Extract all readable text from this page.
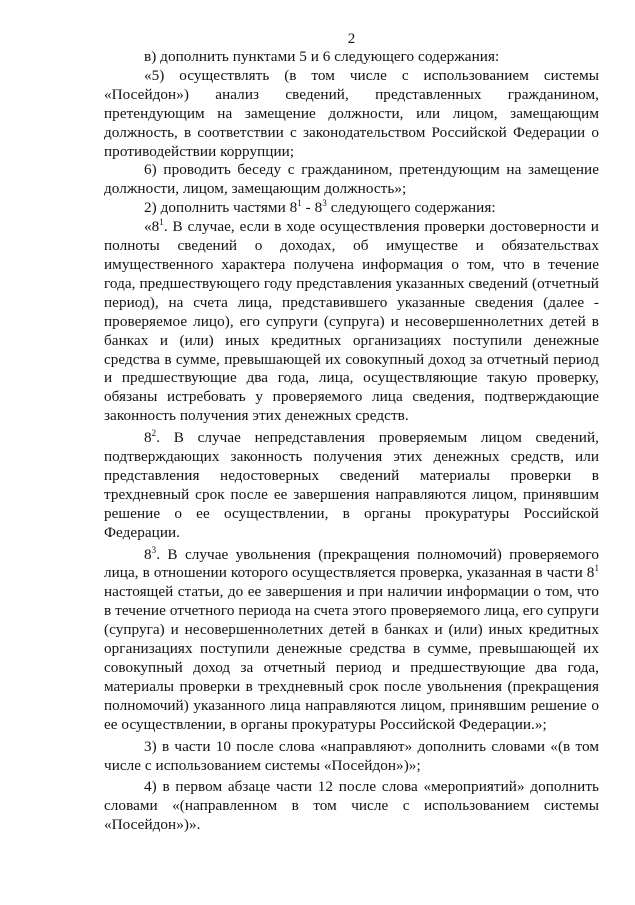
2

в) дополнить пунктами 5 и 6 следующего содержания:

«5) осуществлять (в том числе с использованием системы «Посейдон») анализ сведений, представленных гражданином, претендующим на замещение должности, или лицом, замещающим должность, в соответствии с законодательством Российской Федерации о противодействии коррупции;

6) проводить беседу с гражданином, претендующим на замещение должности, лицом, замещающим должность»;

2) дополнить частями $8^1 - 8^3$ следующего содержания:

«$8^1$. В случае, если в ходе осуществления проверки достоверности и полноты сведений о доходах, об имуществе и обязательствах имущественного характера получена информация о том, что в течение года, предшествующего году представления указанных сведений (отчетный период), на счета лица, представившего указанные сведения (далее - проверяемое лицо), его супруги (супруга) и несовершеннолетних детей в банках и (или) иных кредитных организациях поступили денежные средства в сумме, превышающей их совокупный доход за отчетный период и предшествующие два года, лица, осуществляющие такую проверку, обязаны истребовать у проверяемого лица сведения, подтверждающие законность получения этих денежных средств.

$8^2$. В случае непредставления проверяемым лицом сведений, подтверждающих законность получения этих денежных средств, или представления недостоверных сведений материалы проверки в трехдневный срок после ее завершения направляются лицом, принявшим решение о ее осуществлении, в органы прокуратуры Российской Федерации.

$8^3$. В случае увольнения (прекращения полномочий) проверяемого лица, в отношении которого осуществляется проверка, указанная в части $8^1$ настоящей статьи, до ее завершения и при наличии информации о том, что в течение отчетного периода на счета этого проверяемого лица, его супруги (супруга) и несовершеннолетних детей в банках и (или) иных кредитных организациях поступили денежные средства в сумме, превышающей их совокупный доход за отчетный период и предшествующие два года, материалы проверки в трехдневный срок после увольнения (прекращения полномочий) указанного лица направляются лицом, принявшим решение о ее осуществлении, в органы прокуратуры Российской Федерации.»;

3) в части 10 после слова «направляют» дополнить словами «(в том числе с использованием системы «Посейдон»)»;

4) в первом абзаце части 12 после слова «мероприятий» дополнить словами «(направленном в том числе с использованием системы «Посейдон»)».
